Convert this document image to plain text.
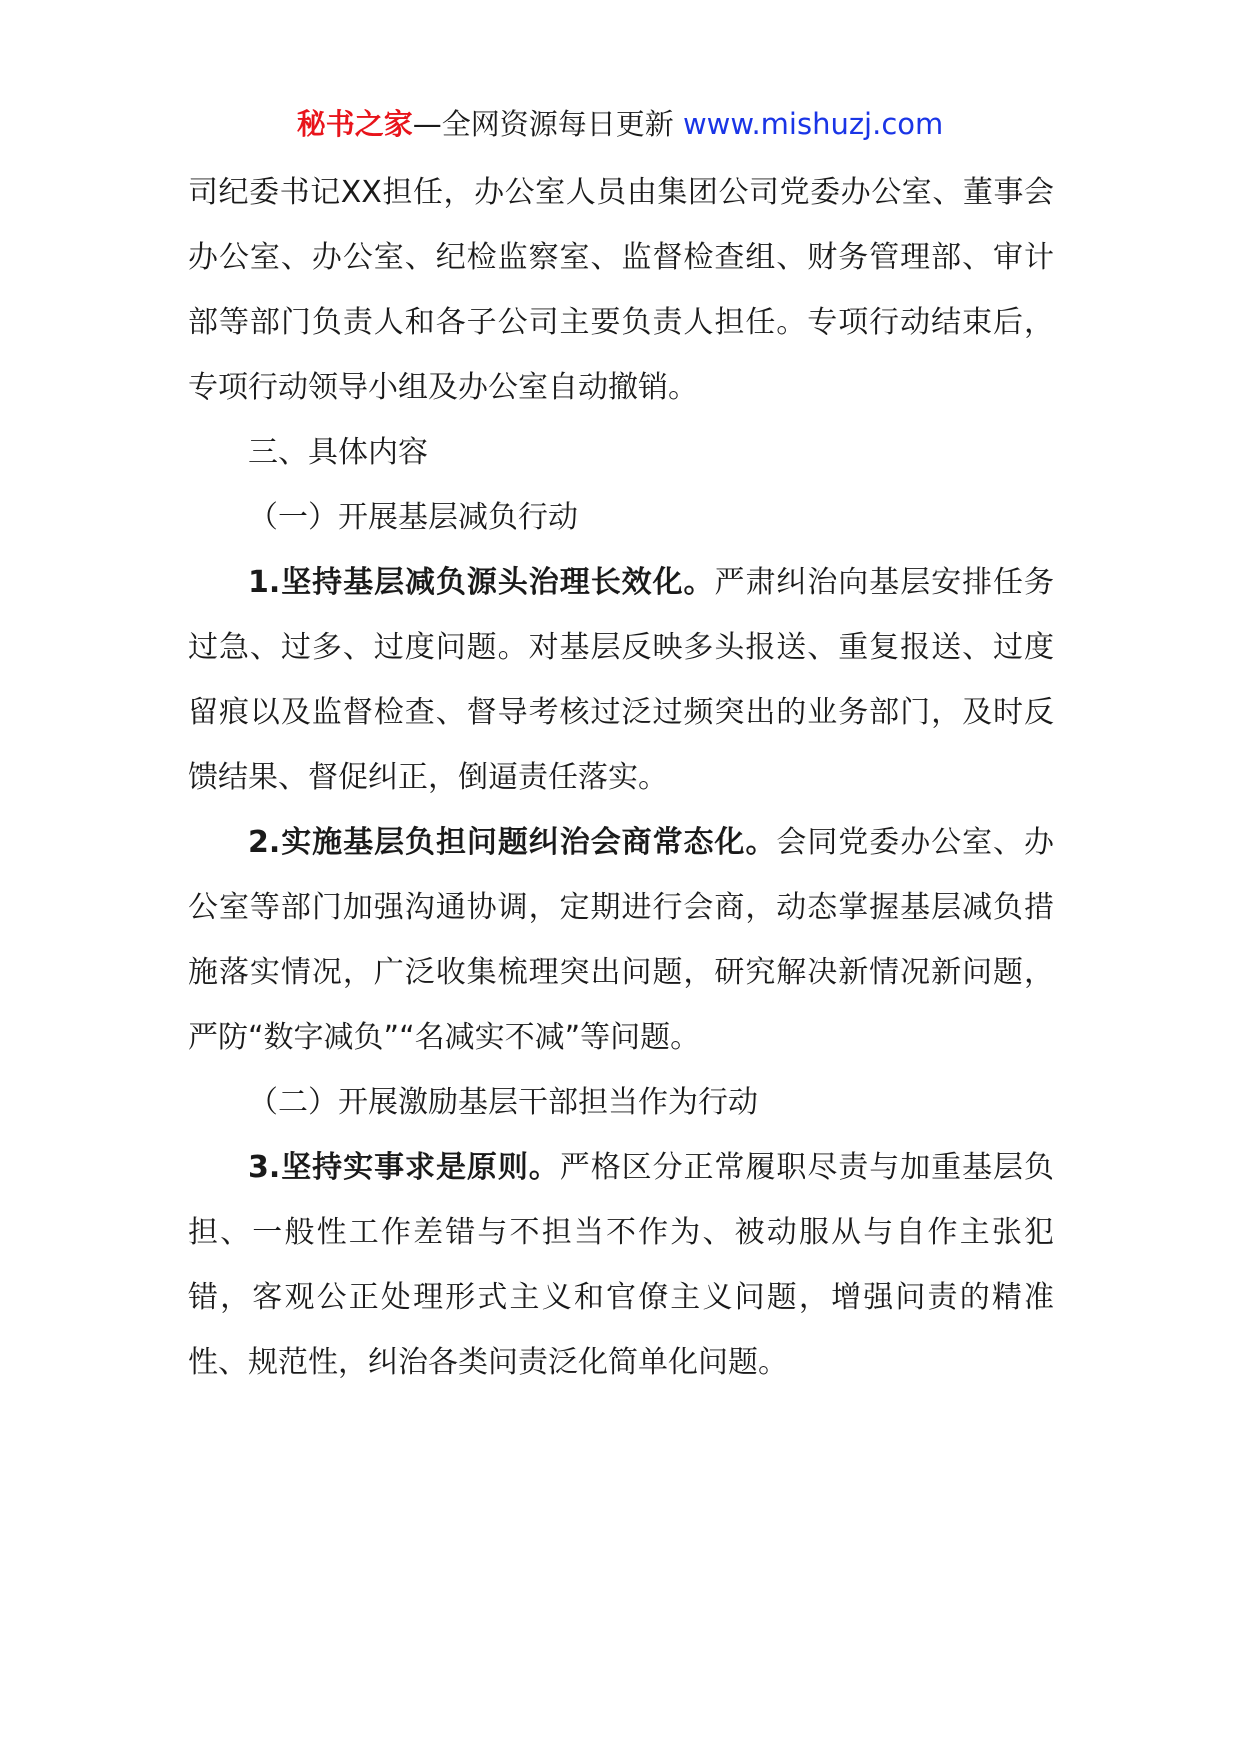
秘书之家—全网资源每日更新 www.mishuzj.com

司纪委书记XX担任，办公室人员由集团公司党委办公室、董事会办公室、办公室、纪检监察室、监督检查组、财务管理部、审计部等部门负责人和各子公司主要负责人担任。专项行动结束后，专项行动领导小组及办公室自动撤销。

三、具体内容

（一）开展基层减负行动

1.坚持基层减负源头治理长效化。严肃纠治向基层安排任务过急、过多、过度问题。对基层反映多头报送、重复报送、过度留痕以及监督检查、督导考核过泛过频突出的业务部门，及时反馈结果、督促纠正，倒逼责任落实。

2.实施基层负担问题纠治会商常态化。会同党委办公室、办公室等部门加强沟通协调，定期进行会商，动态掌握基层减负措施落实情况，广泛收集梳理突出问题，研究解决新情况新问题，严防“数字减负”“名减实不减”等问题。

（二）开展激励基层干部担当作为行动

3.坚持实事求是原则。严格区分正常履职尽责与加重基层负担、一般性工作差错与不担当不作为、被动服从与自作主张犯错，客观公正处理形式主义和官僚主义问题，增强问责的精准性、规范性，纠治各类问责泛化简单化问题。
